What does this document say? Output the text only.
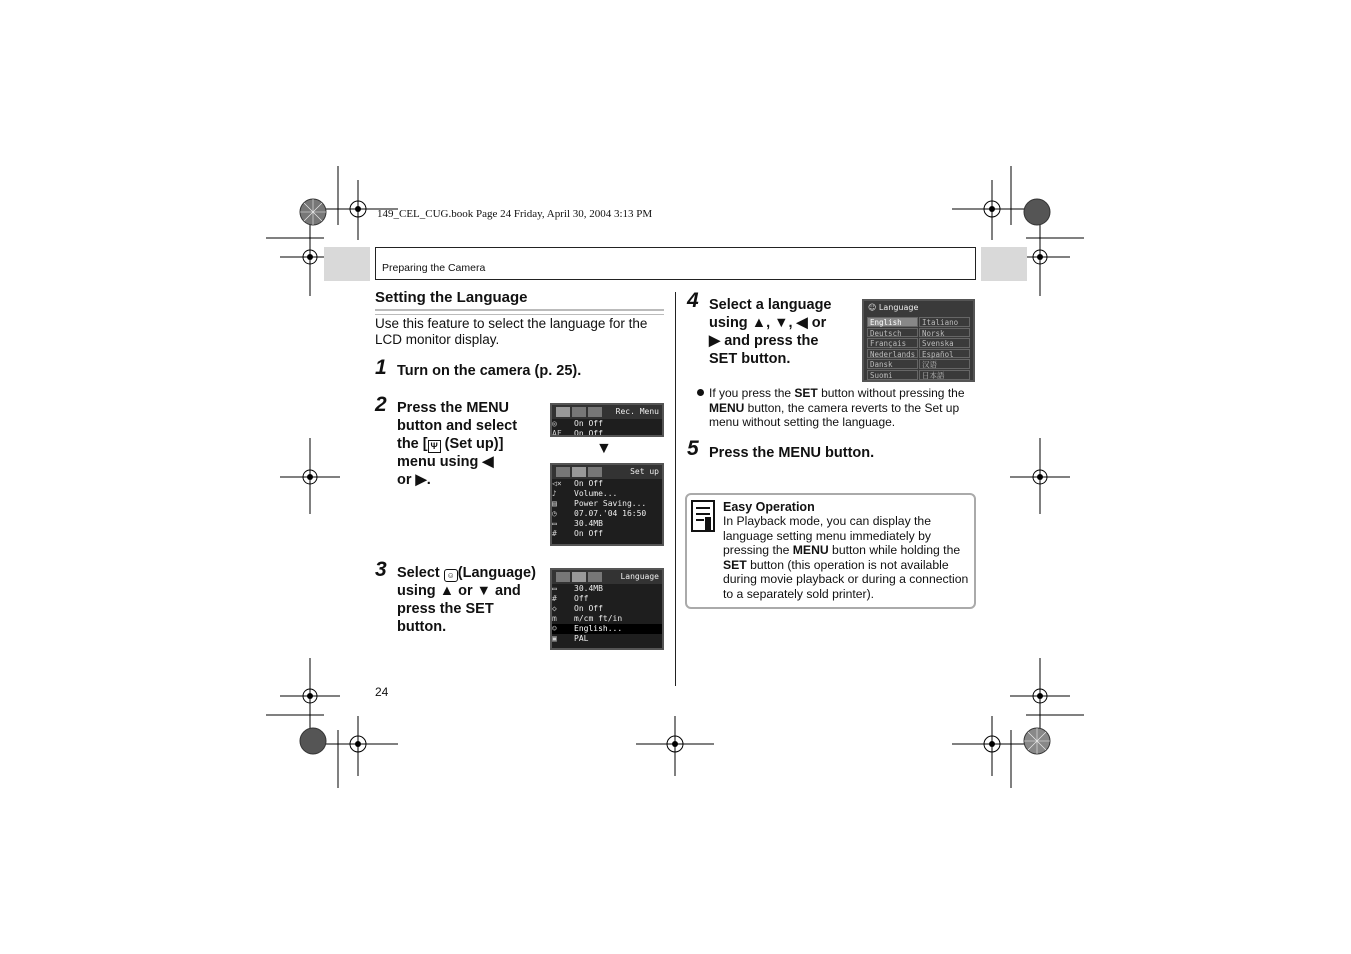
149_CEL_CUG.book Page 24 Friday, April 30, 2004 3:13 PM
Preparing the Camera
Setting the Language
Use this feature to select the language for the LCD monitor display.
1 Turn on the camera (p. 25).
2 Press the MENU
button and select
the [ Ψ (Set up)]
menu using ◀
or ▶.
Rec. Menu
◎ On Off
AF On Off
▼
Set up
◁× On Off
♪ Volume...
▤ Power Saving...
◷ 07.07.'04 16:50
▭ 30.4MB
# On Off
3 Select ☺ (Language)
using ▲ or ▼ and
press the SET
button.
Language
▭ 30.4MB
# Off
◇ On Off
m m/cm ft/in
☺ English...
▣ PAL
4 Select a language
using ▲, ▼, ◀ or
▶ and press the
SET button.
☺ Language
English	Italiano
Deutsch	Norsk
Français	Svenska
Nederlands Español
Dansk	汉语
Suomi	日本語
If you press the SET button without pressing the MENU button, the camera reverts to the Set up menu without setting the language.
5 Press the MENU button.
Easy Operation
In Playback mode, you can display the language setting menu immediately by pressing the MENU button while holding the SET button (this operation is not available during movie playback or during a connection to a separately sold printer).
24
